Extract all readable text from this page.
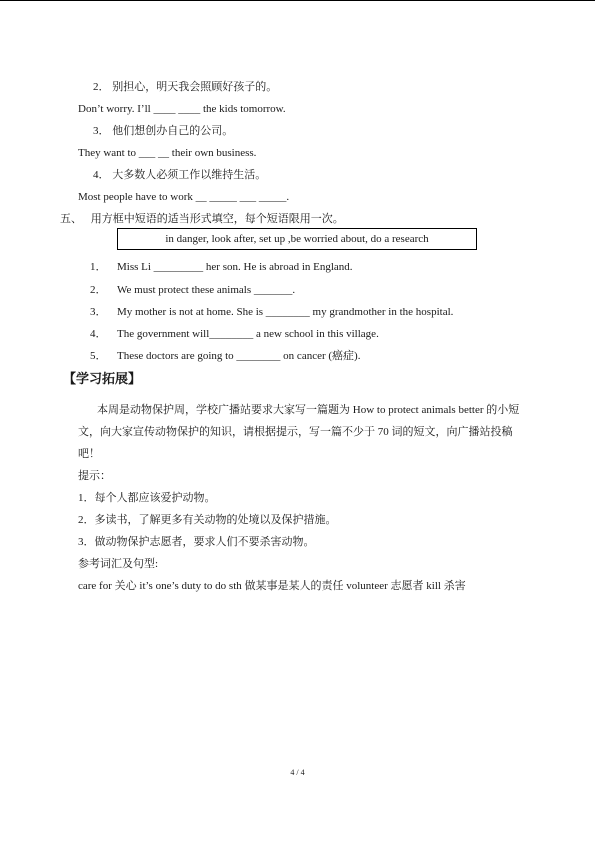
2． 别担心，明天我会照顾好孩子的。
Don’t worry. I’ll ____ ____ the kids tomorrow.
3． 他们想创办自己的公司。
They want to ___ __ their own business.
4． 大多数人必须工作以维持生活。
Most people have to work __ _____ ___ _____.
五、 用方框中短语的适当形式填空，每个短语限用一次。
in danger, look after, set up ,be worried about, do a research
1． Miss Li _________ her son. He is abroad in England.
2． We must protect these animals _______.
3． My mother is not at home. She is ________ my grandmother in the hospital.
4． The government will________ a new school in this village.
5． These doctors are going to ________ on cancer (癌症).
【学习拓展】
本周是动物保护周，学校广播站要求大家写一篇题为 How to protect animals better 的小短
文，向大家宣传动物保护的知识，请根据提示，写一篇不少于 70 词的短文，向广播站投稿
吧！
提示：
1．每个人都应该爱护动物。
2．多读书，了解更多有关动物的处境以及保护措施。
3．做动物保护志愿者，要求人们不要杀害动物。
参考词汇及句型:
care for 关心 it’s one’s duty to do sth 做某事是某人的责任 volunteer 志愿者 kill 杀害
4 / 4
